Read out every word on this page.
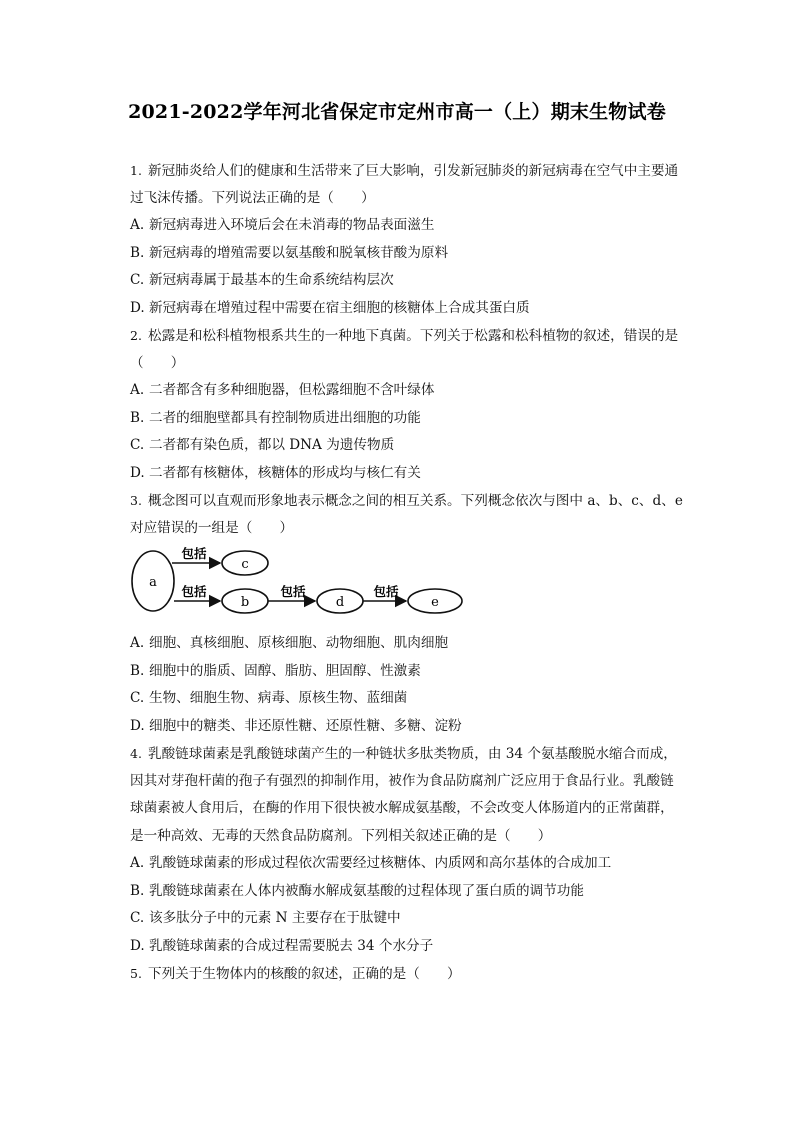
2021-2022学年河北省保定市定州市高一（上）期末生物试卷
1. 新冠肺炎给人们的健康和生活带来了巨大影响，引发新冠肺炎的新冠病毒在空气中主要通
过飞沫传播。下列说法正确的是（　　）
A. 新冠病毒进入环境后会在未消毒的物品表面滋生
B. 新冠病毒的增殖需要以氨基酸和脱氧核苷酸为原料
C. 新冠病毒属于最基本的生命系统结构层次
D. 新冠病毒在增殖过程中需要在宿主细胞的核糖体上合成其蛋白质
2. 松露是和松科植物根系共生的一种地下真菌。下列关于松露和松科植物的叙述，错误的是
（　　）
A. 二者都含有多种细胞器，但松露细胞不含叶绿体
B. 二者的细胞壁都具有控制物质进出细胞的功能
C. 二者都有染色质，都以 DNA 为遗传物质
D. 二者都有核糖体，核糖体的形成均与核仁有关
3. 概念图可以直观而形象地表示概念之间的相互关系。下列概念依次与图中 a、b、c、d、e
对应错误的一组是（　　）
a
c
b	d	e
包括
包括	包括	包括
A. 细胞、真核细胞、原核细胞、动物细胞、肌肉细胞
B. 细胞中的脂质、固醇、脂肪、胆固醇、性激素
C. 生物、细胞生物、病毒、原核生物、蓝细菌
D. 细胞中的糖类、非还原性糖、还原性糖、多糖、淀粉
4. 乳酸链球菌素是乳酸链球菌产生的一种链状多肽类物质，由 34 个氨基酸脱水缩合而成，
因其对芽孢杆菌的孢子有强烈的抑制作用，被作为食品防腐剂广泛应用于食品行业。乳酸链
球菌素被人食用后，在酶的作用下很快被水解成氨基酸，不会改变人体肠道内的正常菌群，
是一种高效、无毒的天然食品防腐剂。下列相关叙述正确的是（　　）
A. 乳酸链球菌素的形成过程依次需要经过核糖体、内质网和高尔基体的合成加工
B. 乳酸链球菌素在人体内被酶水解成氨基酸的过程体现了蛋白质的调节功能
C. 该多肽分子中的元素 N 主要存在于肽键中
D. 乳酸链球菌素的合成过程需要脱去 34 个水分子
5. 下列关于生物体内的核酸的叙述，正确的是（　　）
